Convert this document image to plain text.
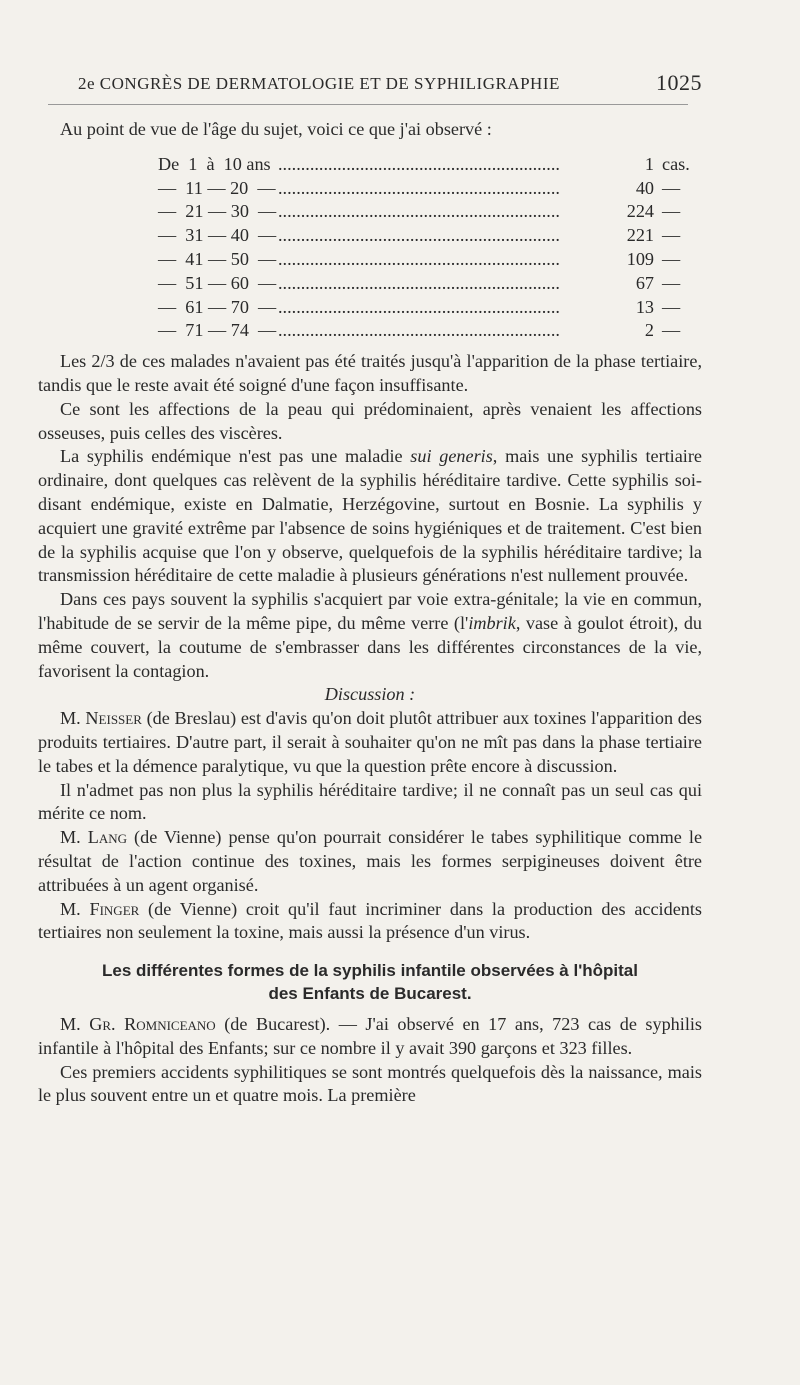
2e CONGRÈS DE DERMATOLOGIE ET DE SYPHILIGRAPHIE	1025

Au point de vue de l'âge du sujet, voici ce que j'ai observé :

De  1  à  10 ans ..............................................................	1 cas.
—  11 — 20  — ..............................................................	40 —
—  21 — 30  — ..............................................................	224 —
—  31 — 40  — ..............................................................	221 —
—  41 — 50  — ..............................................................	109 —
—  51 — 60  — ..............................................................	67 —
—  61 — 70  — ..............................................................	13 —
—  71 — 74  — ..............................................................	2 —

Les 2/3 de ces malades n'avaient pas été traités jusqu'à l'apparition de la phase tertiaire, tandis que le reste avait été soigné d'une façon insuffisante.

Ce sont les affections de la peau qui prédominaient, après venaient les affections osseuses, puis celles des viscères.

La syphilis endémique n'est pas une maladie sui generis, mais une syphilis tertiaire ordinaire, dont quelques cas relèvent de la syphilis héréditaire tardive. Cette syphilis soi-disant endémique, existe en Dalmatie, Herzégovine, surtout en Bosnie. La syphilis y acquiert une gravité extrême par l'absence de soins hygiéniques et de traitement. C'est bien de la syphilis acquise que l'on y observe, quelquefois de la syphilis héréditaire tardive; la transmission héréditaire de cette maladie à plusieurs générations n'est nullement prouvée.

Dans ces pays souvent la syphilis s'acquiert par voie extra-génitale; la vie en commun, l'habitude de se servir de la même pipe, du même verre (l'imbrik, vase à goulot étroit), du même couvert, la coutume de s'embrasser dans les différentes circonstances de la vie, favorisent la contagion.

Discussion :

M. Neisser (de Breslau) est d'avis qu'on doit plutôt attribuer aux toxines l'apparition des produits tertiaires. D'autre part, il serait à souhaiter qu'on ne mît pas dans la phase tertiaire le tabes et la démence paralytique, vu que la question prête encore à discussion.

Il n'admet pas non plus la syphilis héréditaire tardive; il ne connaît pas un seul cas qui mérite ce nom.

M. Lang (de Vienne) pense qu'on pourrait considérer le tabes syphilitique comme le résultat de l'action continue des toxines, mais les formes serpigineuses doivent être attribuées à un agent organisé.

M. Finger (de Vienne) croit qu'il faut incriminer dans la production des accidents tertiaires non seulement la toxine, mais aussi la présence d'un virus.

Les différentes formes de la syphilis infantile observées à l'hôpital
des Enfants de Bucarest.

M. Gr. Romniceano (de Bucarest). — J'ai observé en 17 ans, 723 cas de syphilis infantile à l'hôpital des Enfants; sur ce nombre il y avait 390 garçons et 323 filles.

Ces premiers accidents syphilitiques se sont montrés quelquefois dès la naissance, mais le plus souvent entre un et quatre mois. La première
